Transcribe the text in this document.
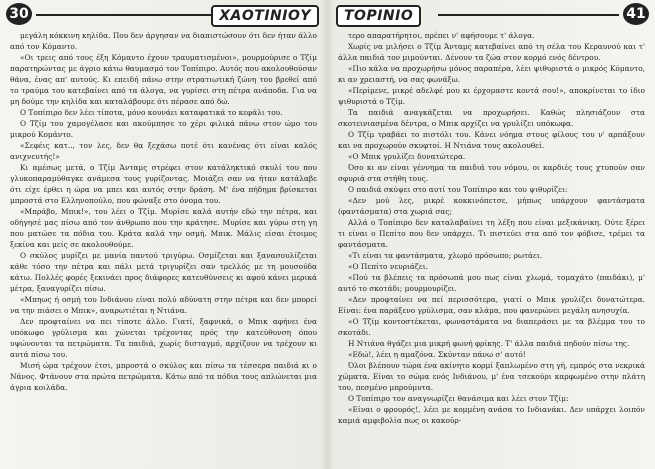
30	ΧΑΟΤΙΝΙΟΥ

μεγάλη κόκκινη κηλίδα. Που δεν άργησαν να διαπιστώσουν ότι δεν ήταν άλλο από τον Κόμαντο.

«Οι τρεις από τους έξη Κόμαντο έχουν τραυματισμένοι», μουρμούρισε ο Τζίμ παρατηρώντας με άγριο κάτω θαυμασμό τον Τοπίπιρο. Αυτός που ακολουθούσαν θάνα, ένας απ' αυτούς. Κι επειδή πάνω στην στρατιωτική ζώνη του βρεθεί από το τραύμα του κατεβαίνει από τα άλογα, να γυρίσει στη πέτρα ανάποδα. Για να μη δούμε την κηλίδα και καταλάβουμε ότι πέρασε από δώ.

Ο Τοπίπιρο δεν λέει τίποτα, μόνο κουνάει καταφατικά το κεφάλι του.

Ο Τζίμ του χαμογέλασε και ακούμπησε το χέρι φιλικά πάνω στον ώμο του μικρού Κομάντο.

«Σεφέις κατ.., τον λες, δεν θα ξεχάσω ποτέ ότι κανένας ότι είναι καλός ανιχνευτής!»

Κι αμέσως μετά, ο Τζίμ Άνταμς στρέφει στον κατάληκτικό σκυλί του που γλυκοπαραμύθαγκε ανάμεσα τους γυρίζοντας. Μοιάζει σαν να ήταν κατάλαβε ότι είχε έρθει η ώρα να μπει και αυτός στην δράση. Μ' ένα πήδημα βρίσκεται μπροστά στο Ελληνοπούλο, που φώναξε στο όνομα του.

«Μπράβο, Μπικ!», του λέει ο Τζίμ. Μυρίσε καλά αυτήν εδώ την πέτρα, και οδήγησέ μας πίσω από τον άνθρωπο που την κράτησε. Μυρίσε και γύρω στη γη που ματώσε τα πόδια του. Κράτα καλά την οσμή. Μπικ. Μάλις είσαι έτοιμος ξεκίνα και μείς σε ακολουθούμε.

Ο σκύλος μυρίζει με μανία παντού τριγύρω. Οσμίζεται και ξανασουλίζεται κάθε τόσο την πέτρα και πάλι μετά τριγυρίζει σαν τρελλός με τη μουσούδα κάτω. Πολλές φορές ξεκινάει προς διάφορες κατευθύνσεις κι αφού κάνει μερικά μέτρα, ξαναγυρίζει πίσω.

«Μπηως ή οσμή του Ινδιάνου είναι πολύ αδύνατη στην πέτρα και δεν μπορεί να την πιάσει ο Μπικ», αναρωτιέται η Ντιάνα.

Δεν προφταίνει να πει τίποτε άλλο. Γιατί, ξαφνικά, ο Μπικ αφήνει ένα υπόκωφο γρύλισμα και χώνεται τρέχοντας πρός την κατεύθυνση όπου υψώνονται τα πετρώματα. Τα παιδιά, χωρίς δισταγμό, αρχίζουν να τρέχουν κι αυτά πίσω του.

Μισή ώρα τρέχουν έτσι, μπροστά ο σκύλος και πίσω τα τέσσερα παιδιά κι ο Νάνος. Φτάνουν στα πρώτα πετρώματα. Κάτω από τα πόδια τους απλώνεται μια άγρια κοιλάδα.

ΤΟΡΙΝΙΟ	41

τερο απαρατήρητοι, πρέπει ν' αφήσουμε τ' άλογα.

Χωρίς να μιλήσει ο Τζίμ Άνταμς κατεβαίνει από τη σέλα του Κεραυνού και τ' άλλα παιδιά τον μιμούνται. Δένουν τα ζώα στον κορμό ενός δέντρου.

«Πιο κάλα να προχωρήσω μόνος παραπέρα, λέει ψιθυριστά ο μικρός Κόμαντο, κι αν χρειαστή, να σας φωνάξω.

«Περίμενε, μικρέ αδελφέ μου κι έρχομαστε κοντά σου!», αποκρίνεται το ίδιο ψιθυριστά ο Τζίμ.

Τα παιδιά αναγκάζεται να προχωρήσει. Καθώς πλησιάζουν στα σκοτεινιασμένα δέντρα, ο Μπικ αρχίζει να γρυλίζει υπόκωφα.

Ο Τζίμ τραβάει το πιστόλι του. Κάνει νόημα στους φίλους του ν' αρπάξουν και να προχωρούν σκυφτοί. Η Ντιάνα τους ακολουθεί.

«Ο Μπικ γρυλίζει δυνατώτερα.

Όσο κι αν είναι γέννημα τα παιδιά του νόμου, οι καρδιές τους χτυπούν σαν σφυριά στα στήθη τους.

Ο παιδιά σκύψει στο αυτί του Τοπίπιρο και του ψιθυρίζει:

«Δεν μού λες, μικρέ κοκκινόπετσε, μήπως υπάρχουν φαντάσματα (φαντάσματα) στα χωριά σας;

Αλλά ο Τοπίπιρο δεν καταλαβαίνει τη λέξη που είναι μεξικάνικη. Ούτε ξέρει τι είναι ο Πεπίτο που δεν υπάρχει. Τι πιστεύει στα από τον φόβισε, τρέμει τα φαντάσματα.

«Τι είναι τα φαντάσματα, χλωμό πρόσωπο; ρωτάει.

«Ο Πεπίτο νευριάζει.

«Πού τα βλέπεις τα πρόσωπά μου πως είναι χλωμά, τομαχάτο (παιδάκι), μ' αυτό το σκοτάδι; μουρμουρίζει.

«Δεν προφταίνει να πεί περισσότερα, γιατί ο Μπικ γρυλίζει δυνατώτερα. Είναι: ένα παράξενο γρύλισμα, σαν κλάμα, που φανερώνει μεγάλη ανησυχία.

«Ο Τζίμ κοντοστέκεται, φωναστάματα να διαπεράσει με τα βλέμμα του το σκοτάδι.

Η Ντιάνα θγάζει μια μικρή φωνή φρίκης. Τ' άλλα παιδιά πηδούν πίσω της.

«Εδώ!, λέει η αμαζόνα. Σκύνταν πάνω σ' αυτό!

Όλοι βλέπουν τώρα ένα ακίνητο κορμί ξαπλωμένο στη γή, εμπρός στα νεκρικά χώματα. Είναι το σώμα ενός Ινδιάνου, μ' ένα τσεκούρι καρφωμένο στην πλάτη του, πεσμένο μπρούμυτα.

Ο Τοπίπιρο τον αναγνωρίζει θανάσιμα και λέει στον Τζίμ:

«Είναι ο φρουρός!, λέει με κομμένη ανάσα το Ινδιανάκι. Δεν υπάρχει λοιπόν καμιά αμφιβολία πως οι κακοῦρ-
